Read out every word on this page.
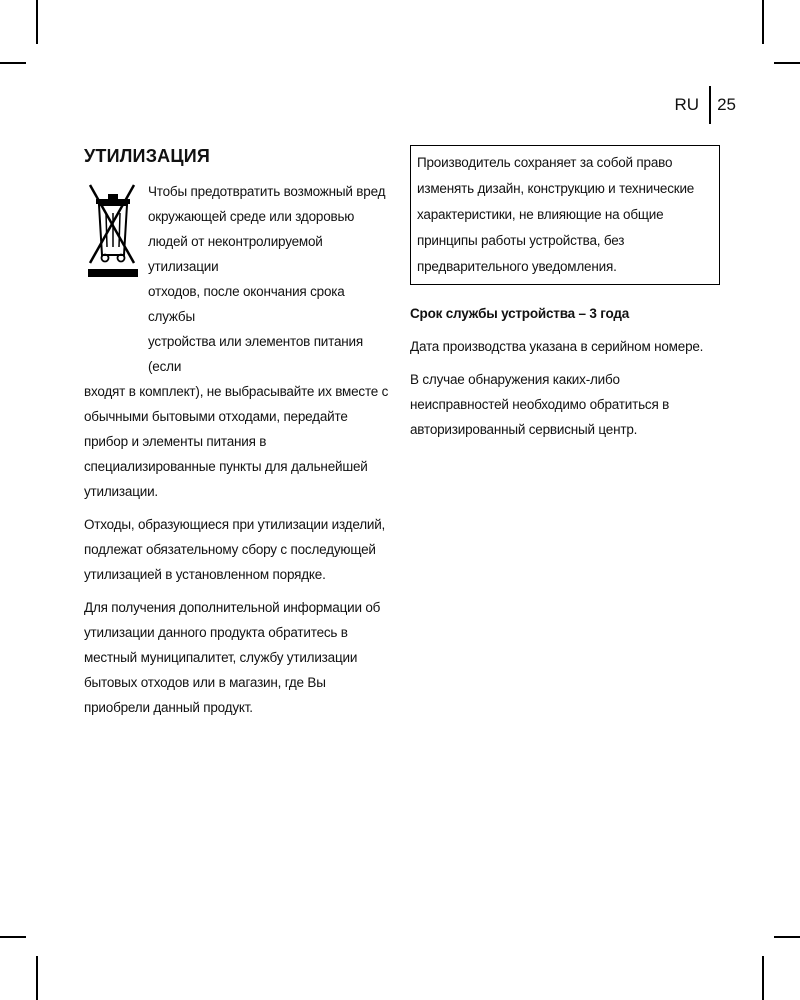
RU	25
УТИЛИЗАЦИЯ

Чтобы предотвратить возможный вред
окружающей среде или здоровью
людей от неконтролируемой утилизации
отходов, после окончания срока службы
устройства или элементов питания (если
входят в комплект), не выбрасывайте их вместе с обычными бытовыми отходами, передайте прибор и элементы питания в специализированные пункты для дальнейшей утилизации.

Отходы, образующиеся при утилизации изделий, подлежат обязательному сбору с последующей утилизацией в установленном порядке.

Для получения дополнительной информации об утилизации данного продукта обратитесь в местный муниципалитет, службу утилизации бытовых отходов или в магазин, где Вы приобрели данный продукт.

Производитель сохраняет за собой право изменять дизайн, конструкцию и технические характеристики, не влияющие на общие принципы работы устройства, без предварительного уведомления.

Срок службы устройства – 3 года

Дата производства указана в серийном номере.

В случае обнаружения каких-либо неисправностей необходимо обратиться в авторизированный сервисный центр.
